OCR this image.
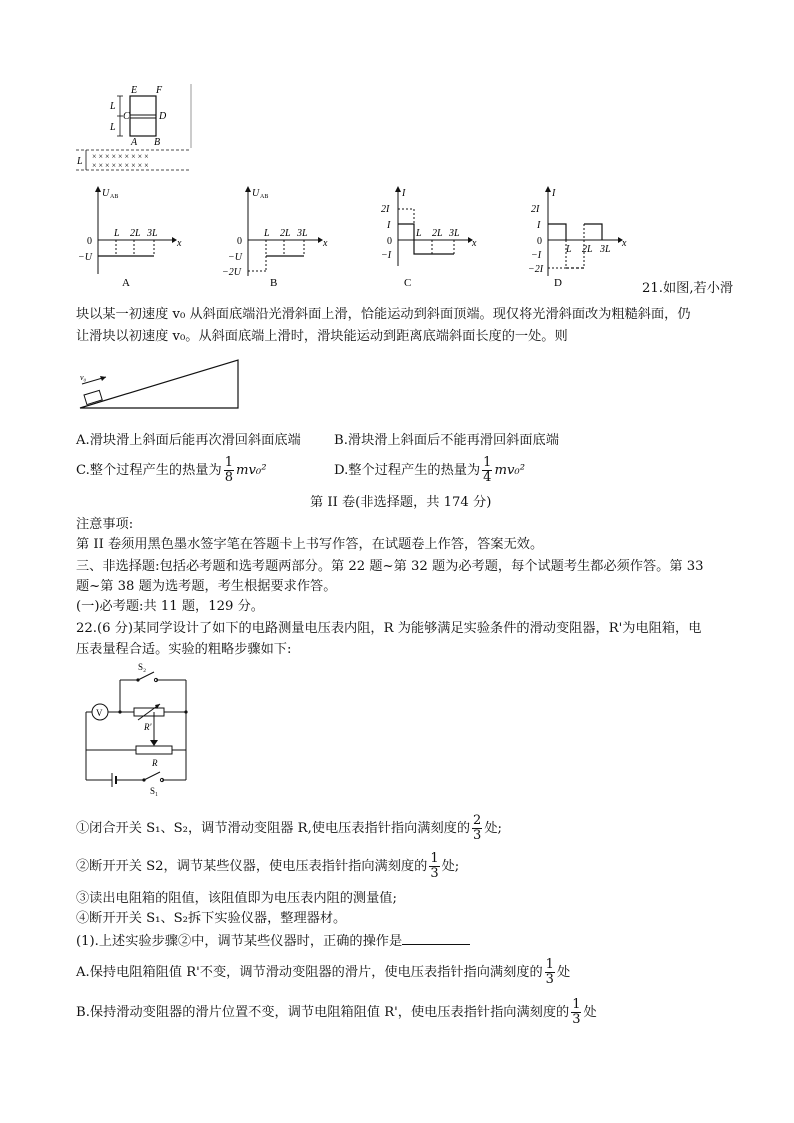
E F
C	D
A B
L
L
L × × × × × × × × ×
× × × × × × × × ×
U AB
x
0
−U
L 2L 3L
A
U AB
x
0
−U
−2U
L 2L 3L
B
I
x
2I
I
0
−I
L 2L 3L
C
I
x
2I
I
0
−I
−2I
L 2L 3L
D	21.如图,若小滑
块以某一初速度 v₀ 从斜面底端沿光滑斜面上滑，恰能运动到斜面顶端。现仅将光滑斜面改为粗糙斜面，仍
让滑块以初速度 v₀。从斜面底端上滑时，滑块能运动到距离底端斜面长度的一处。则
v₀
A.滑块滑上斜面后能再次滑回斜面底端	B.滑块滑上斜面后不能再滑回斜面底端
C.整个过程产生的热量为 $\frac{1}{8} mv_0^2$	D.整个过程产生的热量为 $\frac{1}{4} mv_0^2$
第 II 卷(非选择题，共 174 分)
注意事项:
第 II 卷须用黑色墨水签字笔在答题卡上书写作答，在试题卷上作答，答案无效。
三、非选择题:包括必考题和选考题两部分。第 22 题~第 32 题为必考题，每个试题考生都必须作答。第 33
题~第 38 题为选考题，考生根据要求作答。
(一)必考题:共 11 题，129 分。
22.(6 分)某同学设计了如下的电路测量电压表内阻，R 为能够满足实验条件的滑动变阻器，R'为电阻箱，电
压表量程合适。实验的粗略步骤如下:
S₂
V
R'
R
S₁
①闭合开关 S₁、S₂，调节滑动变阻器 R,使电压表指针指向满刻度的 $\frac{2}{3}$ 处;
②断开开关 S2，调节某些仪器，使电压表指针指向满刻度的 $\frac{1}{3}$ 处;
③读出电阻箱的阻值，该阻值即为电压表内阻的测量值;
④断开开关 S₁、S₂拆下实验仪器，整理器材。
(1).上述实验步骤②中，调节某些仪器时，正确的操作是
A.保持电阻箱阻值 R'不变，调节滑动变阻器的滑片，使电压表指针指向满刻度的 $\frac{1}{3}$ 处
B.保持滑动变阻器的滑片位置不变，调节电阻箱阻值 R'，使电压表指针指向满刻度的 $\frac{1}{3}$ 处
